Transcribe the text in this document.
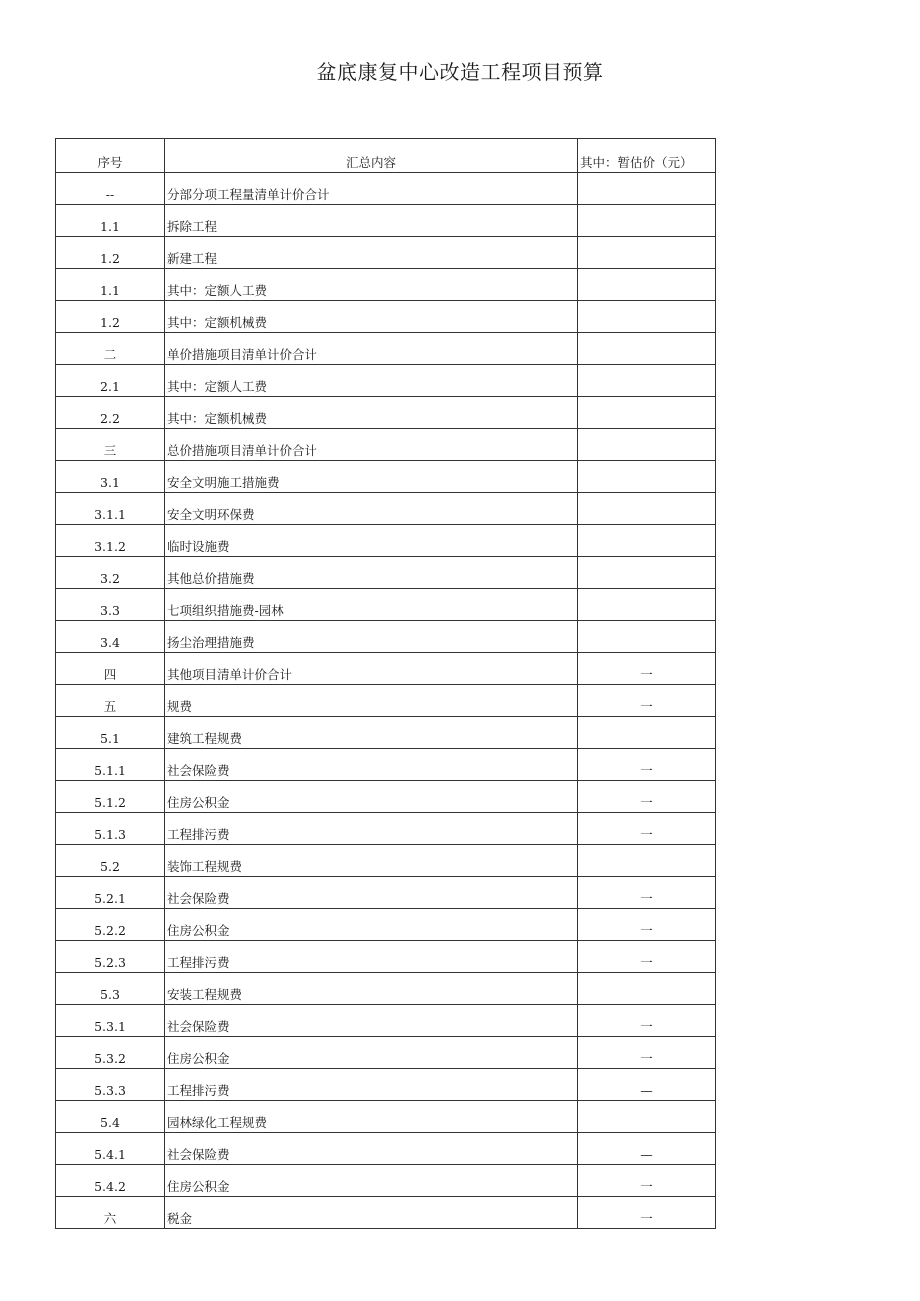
盆底康复中心改造工程项目预算
序号	汇总内容	其中：暂估价（元）
--	分部分项工程量清单计价合计	
1.1	拆除工程	
1.2	新建工程	
1.1	其中：定额人工费	
1.2	其中：定额机械费	
二	单价措施项目清单计价合计	
2.1	其中：定额人工费	
2.2	其中：定额机械费	
三	总价措施项目清单计价合计	
3.1	安全文明施工措施费	
3.1.1	安全文明环保费	
3.1.2	临时设施费	
3.2	其他总价措施费	
3.3	七项组织措施费-园林	
3.4	扬尘治理措施费	
四	其他项目清单计价合计	一
五	规费	一
5.1	建筑工程规费	
5.1.1	社会保险费	一
5.1.2	住房公积金	一
5.1.3	工程排污费	一
5.2	装饰工程规费	
5.2.1	社会保险费	一
5.2.2	住房公积金	一
5.2.3	工程排污费	一
5.3	安装工程规费	
5.3.1	社会保险费	一
5.3.2	住房公积金	一
5.3.3	工程排污费	—
5.4	园林绿化工程规费	
5.4.1	社会保险费	—
5.4.2	住房公积金	一
六	税金	一
